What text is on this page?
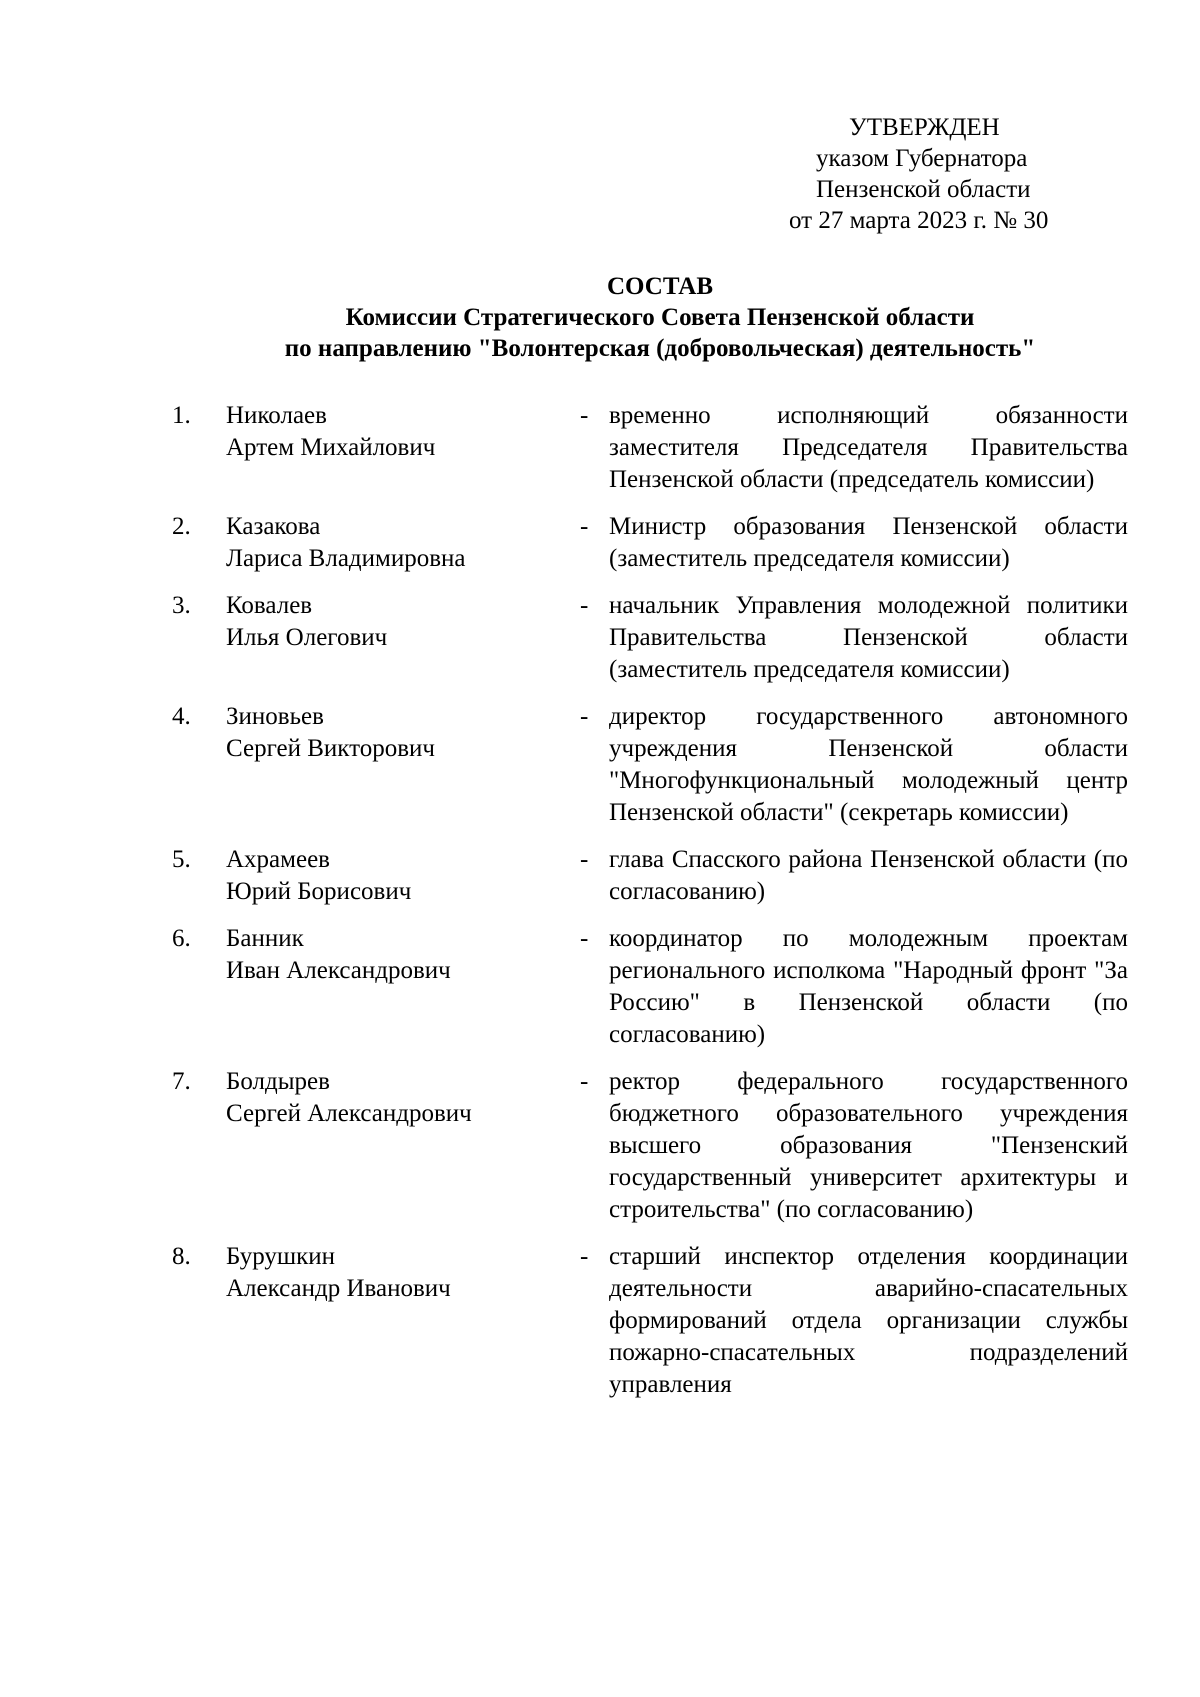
УТВЕРЖДЕН
указом Губернатора
Пензенской области
от 27 марта 2023 г. № 30
СОСТАВ
Комиссии Стратегического Совета Пензенской области
по направлению "Волонтерская (добровольческая) деятельность"
1. Николаев
Артем Михайлович
- временно исполняющий обязанности заместителя Председателя Правительства Пензенской области (председатель комиссии)
2. Казакова
Лариса Владимировна
- Министр образования Пензенской области (заместитель председателя комиссии)
3. Ковалев
Илья Олегович
- начальник Управления молодежной политики Правительства Пензенской области (заместитель председателя комиссии)
4. Зиновьев
Сергей Викторович
- директор государственного автономного учреждения Пензенской области "Многофункциональный молодежный центр Пензенской области" (секретарь комиссии)
5. Ахрамеев
Юрий Борисович
- глава Спасского района Пензенской области (по согласованию)
6. Банник
Иван Александрович
- координатор по молодежным проектам регионального исполкома "Народный фронт "За Россию" в Пензенской области (по согласованию)
7. Болдырев
Сергей Александрович
- ректор федерального государственного бюджетного образовательного учреждения высшего образования "Пензенский государственный университет архитектуры и строительства" (по согласованию)
8. Бурушкин
Александр Иванович
- старший инспектор отделения координации деятельности аварийно-спасательных формирований отдела организации службы пожарно-спасательных подразделений управления
